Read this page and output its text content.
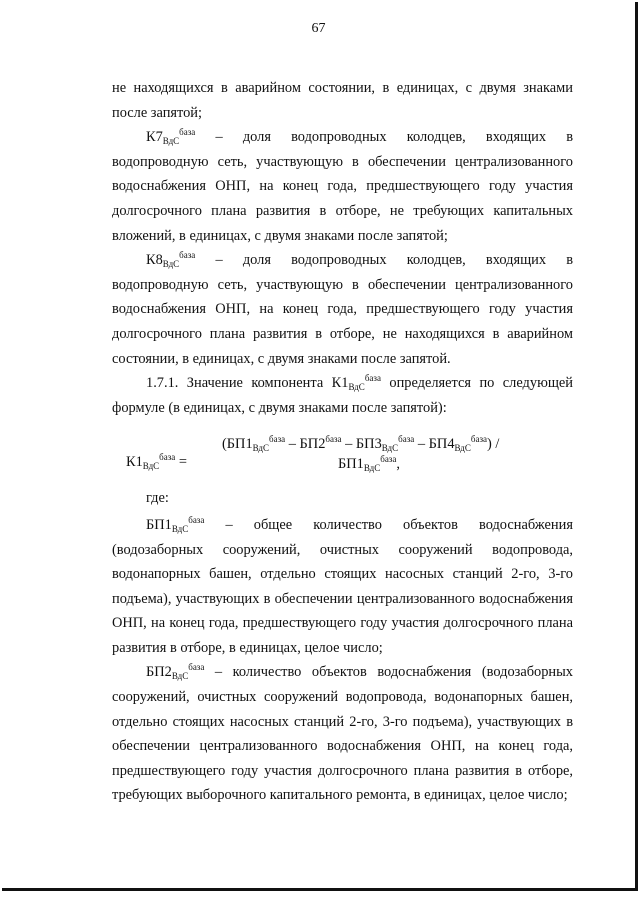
67

не находящихся в аварийном состоянии, в единицах, с двумя знаками после запятой;

$К7_{ВдС}^{база}$ – доля водопроводных колодцев, входящих в водопроводную сеть, участвующую в обеспечении централизованного водоснабжения ОНП, на конец года, предшествующего году участия долгосрочного плана развития в отборе, не требующих капитальных вложений, в единицах, с двумя знаками после запятой;

$К8_{ВдС}^{база}$ – доля водопроводных колодцев, входящих в водопроводную сеть, участвующую в обеспечении централизованного водоснабжения ОНП, на конец года, предшествующего году участия долгосрочного плана развития в отборе, не находящихся в аварийном состоянии, в единицах, с двумя знаками после запятой.

1.7.1. Значение компонента $К1_{ВдС}^{база}$ определяется по следующей формуле (в единицах, с двумя знаками после запятой):

$К1_{ВдС}^{база}$ =
$(БП1_{ВдС}^{база} - БП2^{база} - БП3_{ВдС}^{база} - БП4_{ВдС}^{база})$ /
$БП1_{ВдС}^{база}$,

где:

$БП1_{ВдС}^{база}$ – общее количество объектов водоснабжения

(водозаборных сооружений, очистных сооружений водопровода, водонапорных башен, отдельно стоящих насосных станций 2-го, 3-го подъема), участвующих в обеспечении централизованного водоснабжения ОНП, на конец года, предшествующего году участия долгосрочного плана развития в отборе, в единицах, целое число;

$БП2_{ВдС}^{база}$ – количество объектов водоснабжения (водозаборных сооружений, очистных сооружений водопровода, водонапорных башен, отдельно стоящих насосных станций 2-го, 3-го подъема), участвующих в обеспечении централизованного водоснабжения ОНП, на конец года, предшествующего году участия долгосрочного плана развития в отборе, требующих выборочного капитального ремонта, в единицах, целое число;
